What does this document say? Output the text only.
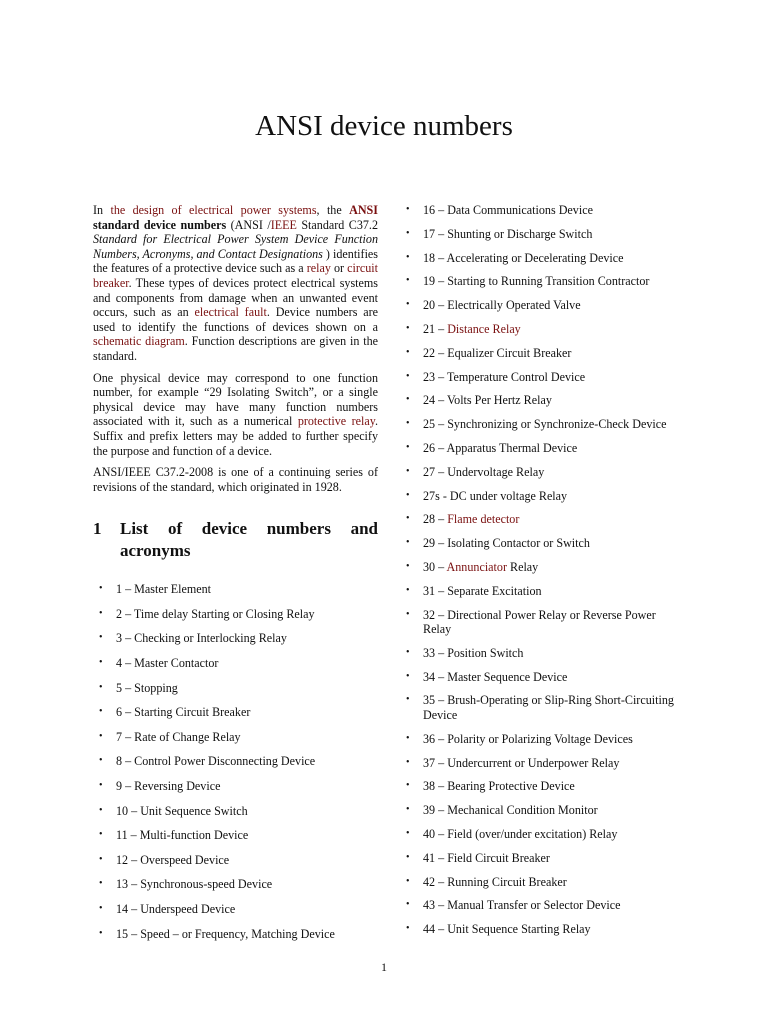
ANSI device numbers

In the design of electrical power systems, the ANSI standard device numbers (ANSI /IEEE Standard C37.2 Standard for Electrical Power System Device Function Numbers, Acronyms, and Contact Designations ) identifies the features of a protective device such as a relay or circuit breaker. These types of devices protect electrical systems and components from damage when an unwanted event occurs, such as an electrical fault. Device numbers are used to identify the functions of devices shown on a schematic diagram. Function descriptions are given in the standard.

One physical device may correspond to one function number, for example “29 Isolating Switch”, or a single physical device may have many function numbers associated with it, such as a numerical protective relay. Suffix and prefix letters may be added to further specify the purpose and function of a device.

ANSI/IEEE C37.2-2008 is one of a continuing series of revisions of the standard, which originated in 1928.

1	List of device numbers and acronyms
• 1 – Master Element
• 2 – Time delay Starting or Closing Relay
• 3 – Checking or Interlocking Relay
• 4 – Master Contactor
• 5 – Stopping
• 6 – Starting Circuit Breaker
• 7 – Rate of Change Relay
• 8 – Control Power Disconnecting Device
• 9 – Reversing Device
• 10 – Unit Sequence Switch
• 11 – Multi-function Device
• 12 – Overspeed Device
• 13 – Synchronous-speed Device
• 14 – Underspeed Device
• 15 – Speed – or Frequency, Matching Device
• 16 – Data Communications Device
• 17 – Shunting or Discharge Switch
• 18 – Accelerating or Decelerating Device
• 19 – Starting to Running Transition Contractor
• 20 – Electrically Operated Valve
• 21 – Distance Relay
• 22 – Equalizer Circuit Breaker
• 23 – Temperature Control Device
• 24 – Volts Per Hertz Relay
• 25 – Synchronizing or Synchronize-Check Device
• 26 – Apparatus Thermal Device
• 27 – Undervoltage Relay
• 27s - DC under voltage Relay
• 28 – Flame detector
• 29 – Isolating Contactor or Switch
• 30 – Annunciator Relay
• 31 – Separate Excitation
• 32 – Directional Power Relay or Reverse Power Relay
• 33 – Position Switch
• 34 – Master Sequence Device
• 35 – Brush-Operating or Slip-Ring Short-Circuiting Device
• 36 – Polarity or Polarizing Voltage Devices
• 37 – Undercurrent or Underpower Relay
• 38 – Bearing Protective Device
• 39 – Mechanical Condition Monitor
• 40 – Field (over/under excitation) Relay
• 41 – Field Circuit Breaker
• 42 – Running Circuit Breaker
• 43 – Manual Transfer or Selector Device
• 44 – Unit Sequence Starting Relay
1
